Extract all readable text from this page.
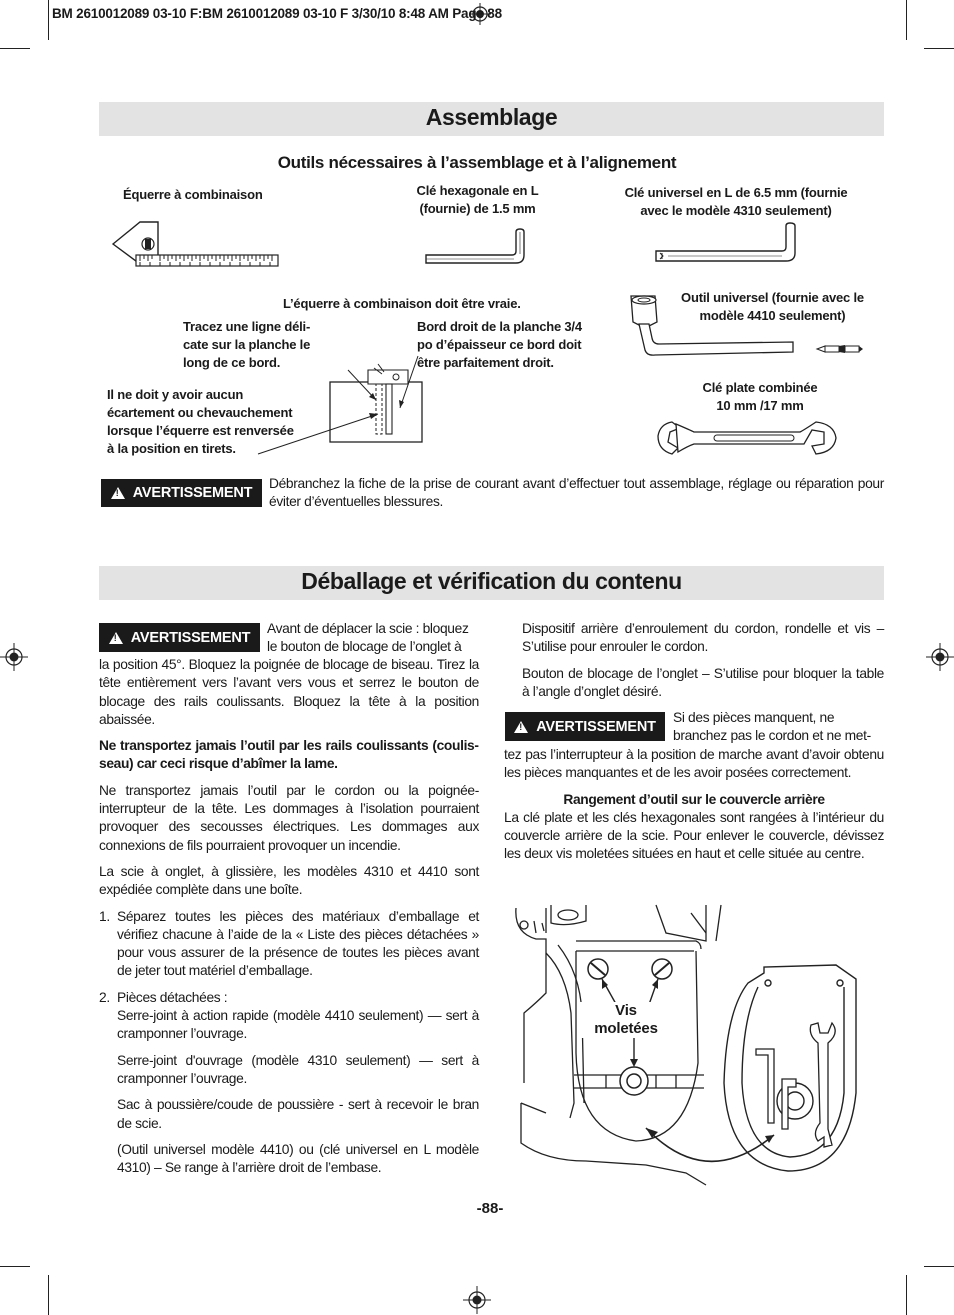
BM 2610012089 03-10 F:BM 2610012089 03-10 F 3/30/10 8:48 AM Page 88
Assemblage
Outils nécessaires à l’assemblage et à l’alignement
Équerre à combinaison	Clé hexagonale en L
(fournie) de 1.5 mm
Clé universel en L de 6.5 mm (fournie
avec le modèle 4310 seulement)
L’équerre à combinaison doit être vraie.
Tracez une ligne déli-
cate sur la planche le
long de ce bord.
Bord droit de la planche 3/4
po d’épaisseur ce bord doit
être parfaitement droit.
Il ne doit y avoir aucun
écartement ou chevauchement
lorsque l’équerre est renversée
à la position en tirets.
Outil universel (fournie avec le
modèle 4410 seulement)
Clé plate combinée
10 mm /17 mm
!
AVERTISSEMENT
Débranchez la fiche de la prise de courant avant d’effectuer tout assemblage, réglage ou réparation pour éviter d’éventuelles blessures.
Déballage et vérification du contenu
!
AVERTISSEMENT
Avant de déplacer la scie : bloquez
le bouton de blocage de l’onglet à

la position 45°. Bloquez la poignée de blocage de biseau. Tirez la tête entièrement vers l’avant vers vous et serrez le bouton de blocage des rails coulissants. Bloquez la tête à la position abaissée.

Ne transportez jamais l’outil par les rails coulissants (coulisseau) car ceci risque d’abîmer la lame.

Ne transportez jamais l’outil par le cordon ou la poignée-interrupteur de la tête. Les dommages à l’isolation pourraient provoquer des secousses électriques. Les dommages aux connexions de fils pourraient provoquer un incendie.

La scie à onglet, à glissière, les modèles 4310 et 4410 sont expédiée complète dans une boîte.

1. Séparez toutes les pièces des matériaux d’emballage et vérifiez chacune à l’aide de la « Liste des pièces détachées » pour vous assurer de la présence de toutes les pièces avant de jeter tout matériel d’emballage.
2. Pièces détachées :

Serre-joint à action rapide (modèle 4410 seulement) — sert à cramponner l’ouvrage.

Serre-joint d'ouvrage (modèle 4310 seulement) — sert à cramponner l’ouvrage.

Sac à poussière/coude de poussière - sert à recevoir le bran de scie.

(Outil universel modèle 4410) ou (clé universel en L modèle 4310) – Se range à l’arrière droit de l’embase.

Dispositif arrière d’enroulement du cordon, rondelle et vis – S’utilise pour enrouler le cordon.

Bouton de blocage de l’onglet – S’utilise pour bloquer la table à l’angle d’onglet désiré.

!
AVERTISSEMENT
Si des pièces manquent, ne
branchez pas le cordon et ne met-

tez pas l’interrupteur à la position de marche avant d’avoir obtenu les pièces manquantes et de les avoir posées correctement.

Rangement d’outil sur le couvercle arrière
La clé plate et les clés hexagonales sont rangées à l’intérieur du couvercle arrière de la scie. Pour enlever le couvercle, dévissez les deux vis moletées situées en haut et celle située au centre.
Vis
moletées
-88-
